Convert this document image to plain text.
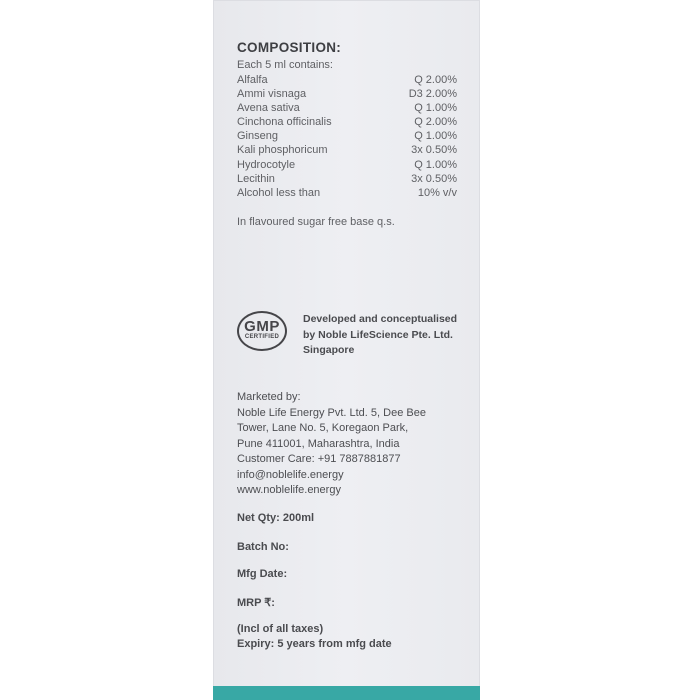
COMPOSITION:
Each 5 ml contains:
Alfalfa	Q 2.00%
Ammi visnaga	D3 2.00%
Avena sativa	Q 1.00%
Cinchona officinalis	Q 2.00%
Ginseng	Q 1.00%
Kali phosphoricum	3x 0.50%
Hydrocotyle	Q 1.00%
Lecithin	3x 0.50%
Alcohol less than	10% v/v
In flavoured sugar free base q.s.
GMP
CERTIFIED
Developed and conceptualised
by Noble LifeScience Pte. Ltd.
Singapore
Marketed by:
Noble Life Energy Pvt. Ltd. 5, Dee Bee
Tower, Lane No. 5, Koregaon Park,
Pune 411001, Maharashtra, India
Customer Care: +91 7887881877
info@noblelife.energy
www.noblelife.energy
Net Qty: 200ml
Batch No:
Mfg Date:
MRP ₹:
(Incl of all taxes)
Expiry: 5 years from mfg date
